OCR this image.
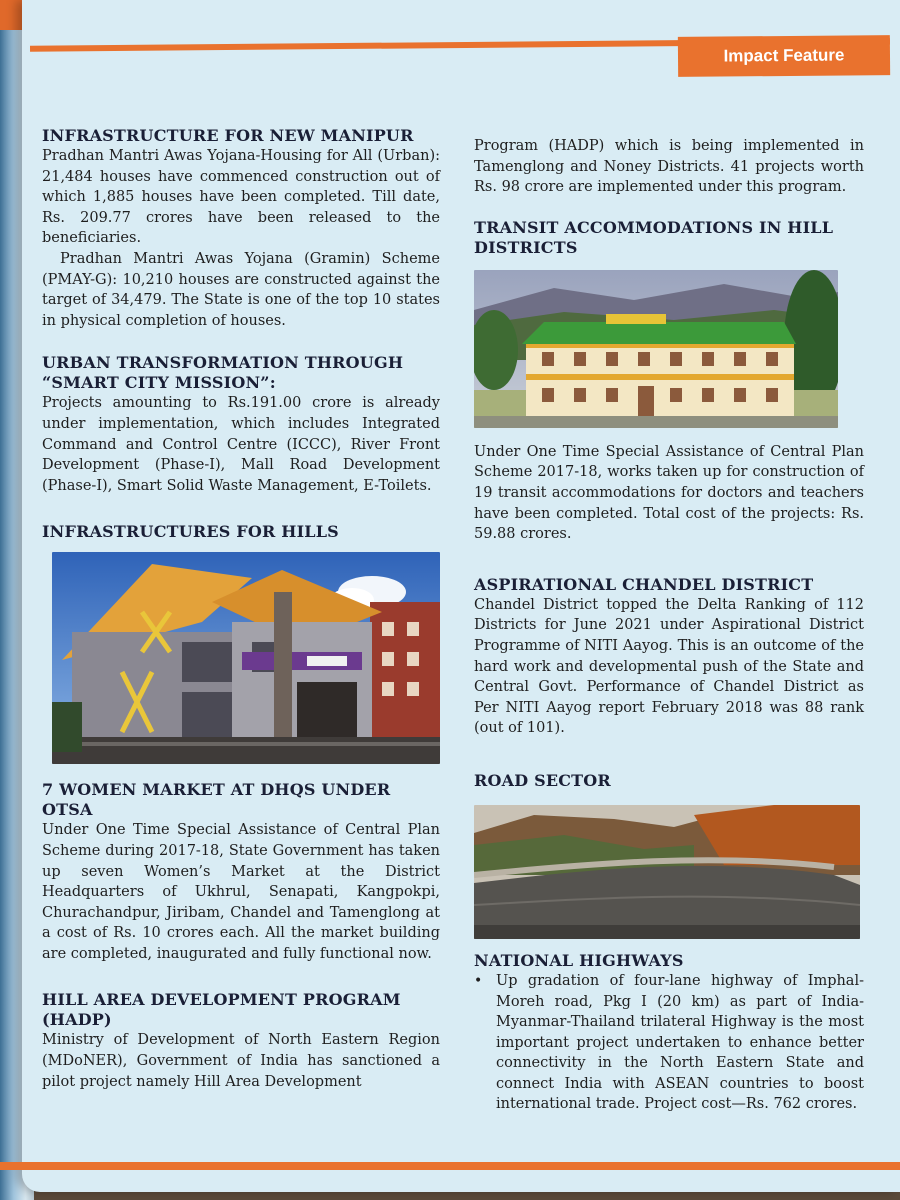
Impact Feature
INFRASTRUCTURE FOR NEW MANIPUR

Pradhan Mantri Awas Yojana-Housing for All (Urban): 21,484 houses have commenced construction out of which 1,885 houses have been completed. Till date, Rs. 209.77 crores have been released to the beneficiaries.

Pradhan Mantri Awas Yojana (Gramin) Scheme (PMAY-G): 10,210 houses are constructed against the target of 34,479. The State is one of the top 10 states in physical completion of houses.

URBAN TRANSFORMATION THROUGH “SMART CITY MISSION”:

Projects amounting to Rs.191.00 crore is already under implementation, which includes Integrated Command and Control Centre (ICCC), River Front Development (Phase-I), Mall Road Development (Phase-I), Smart Solid Waste Management, E-Toilets.

INFRASTRUCTURES FOR HILLS
7 WOMEN MARKET AT DHQS UNDER OTSA

Under One Time Special Assistance of Central Plan Scheme during 2017-18, State Government has taken up seven Women’s Market at the District Headquarters of Ukhrul, Senapati, Kangpokpi, Churachandpur, Jiribam, Chandel and Tamenglong at a cost of Rs. 10 crores each. All the market building are completed, inaugurated and fully functional now.

HILL AREA DEVELOPMENT PROGRAM (HADP)

Ministry of Development of North Eastern Region (MDoNER), Government of India has sanctioned a pilot project namely Hill Area Development

Program (HADP) which is being implemented in Tamenglong and Noney Districts. 41 projects worth Rs. 98 crore are implemented under this program.

TRANSIT ACCOMMODATIONS IN HILL DISTRICTS

Under One Time Special Assistance of Central Plan Scheme 2017-18, works taken up for construction of 19 transit accommodations for doctors and teachers have been completed. Total cost of the projects: Rs. 59.88 crores.

ASPIRATIONAL CHANDEL DISTRICT

Chandel District topped the Delta Ranking of 112 Districts for June 2021 under Aspirational District Programme of NITI Aayog. This is an outcome of the hard work and developmental push of the State and Central Govt. Performance of Chandel District as Per NITI Aayog report February 2018 was 88 rank (out of 101).

ROAD SECTOR
NATIONAL HIGHWAYS
• Up gradation of four-lane highway of Imphal-Moreh road, Pkg I (20 km) as part of India-Myanmar-Thailand trilateral Highway is the most important project undertaken to enhance better connectivity in the North Eastern State and connect India with ASEAN countries to boost international trade. Project cost—Rs. 762 crores.
